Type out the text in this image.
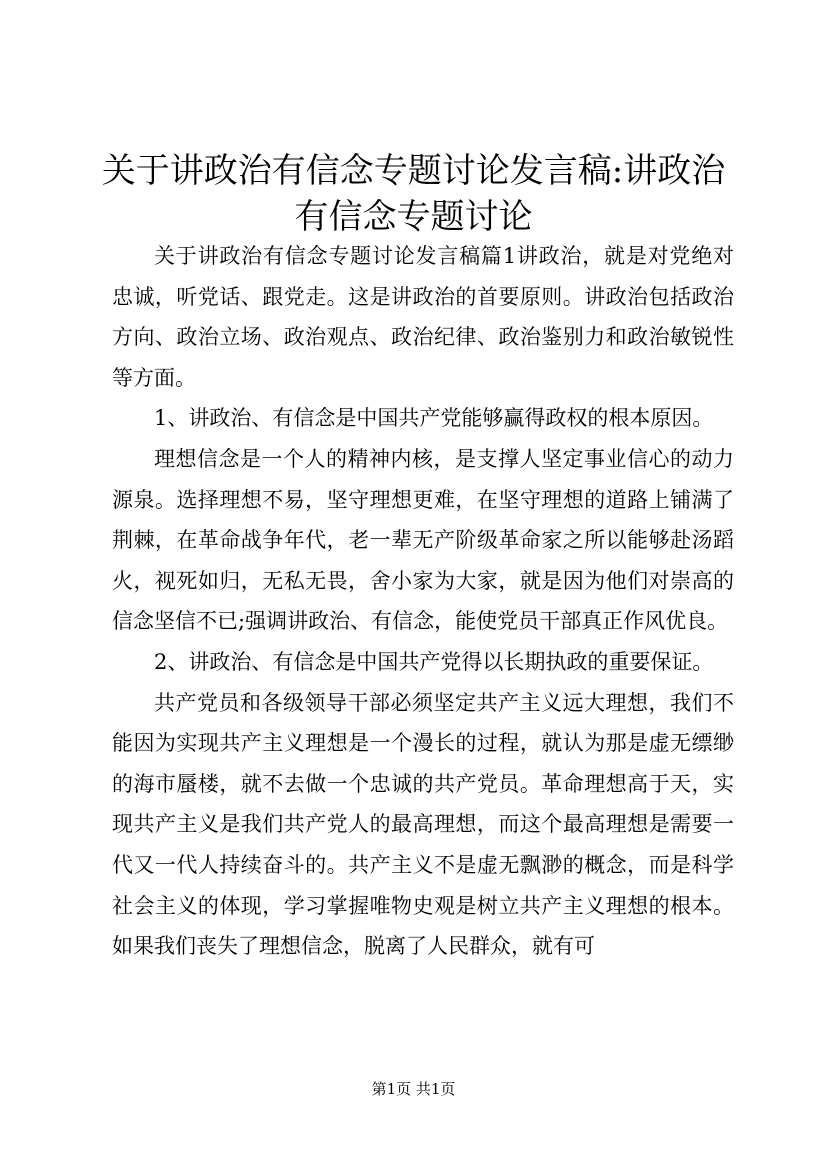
关于讲政治有信念专题讨论发言稿:讲政治有信念专题讨论

关于讲政治有信念专题讨论发言稿篇1讲政治，就是对党绝对忠诚，听党话、跟党走。这是讲政治的首要原则。讲政治包括政治方向、政治立场、政治观点、政治纪律、政治鉴别力和政治敏锐性等方面。

1、讲政治、有信念是中国共产党能够赢得政权的根本原因。

理想信念是一个人的精神内核，是支撑人坚定事业信心的动力源泉。选择理想不易，坚守理想更难，在坚守理想的道路上铺满了荆棘，在革命战争年代，老一辈无产阶级革命家之所以能够赴汤蹈火，视死如归，无私无畏，舍小家为大家，就是因为他们对崇高的信念坚信不已;强调讲政治、有信念，能使党员干部真正作风优良。

2、讲政治、有信念是中国共产党得以长期执政的重要保证。

共产党员和各级领导干部必须坚定共产主义远大理想，我们不能因为实现共产主义理想是一个漫长的过程，就认为那是虚无缥缈的海市蜃楼，就不去做一个忠诚的共产党员。革命理想高于天，实现共产主义是我们共产党人的最高理想，而这个最高理想是需要一代又一代人持续奋斗的。共产主义不是虚无飘渺的概念，而是科学社会主义的体现，学习掌握唯物史观是树立共产主义理想的根本。如果我们丧失了理想信念，脱离了人民群众，就有可

第1页 共1页
